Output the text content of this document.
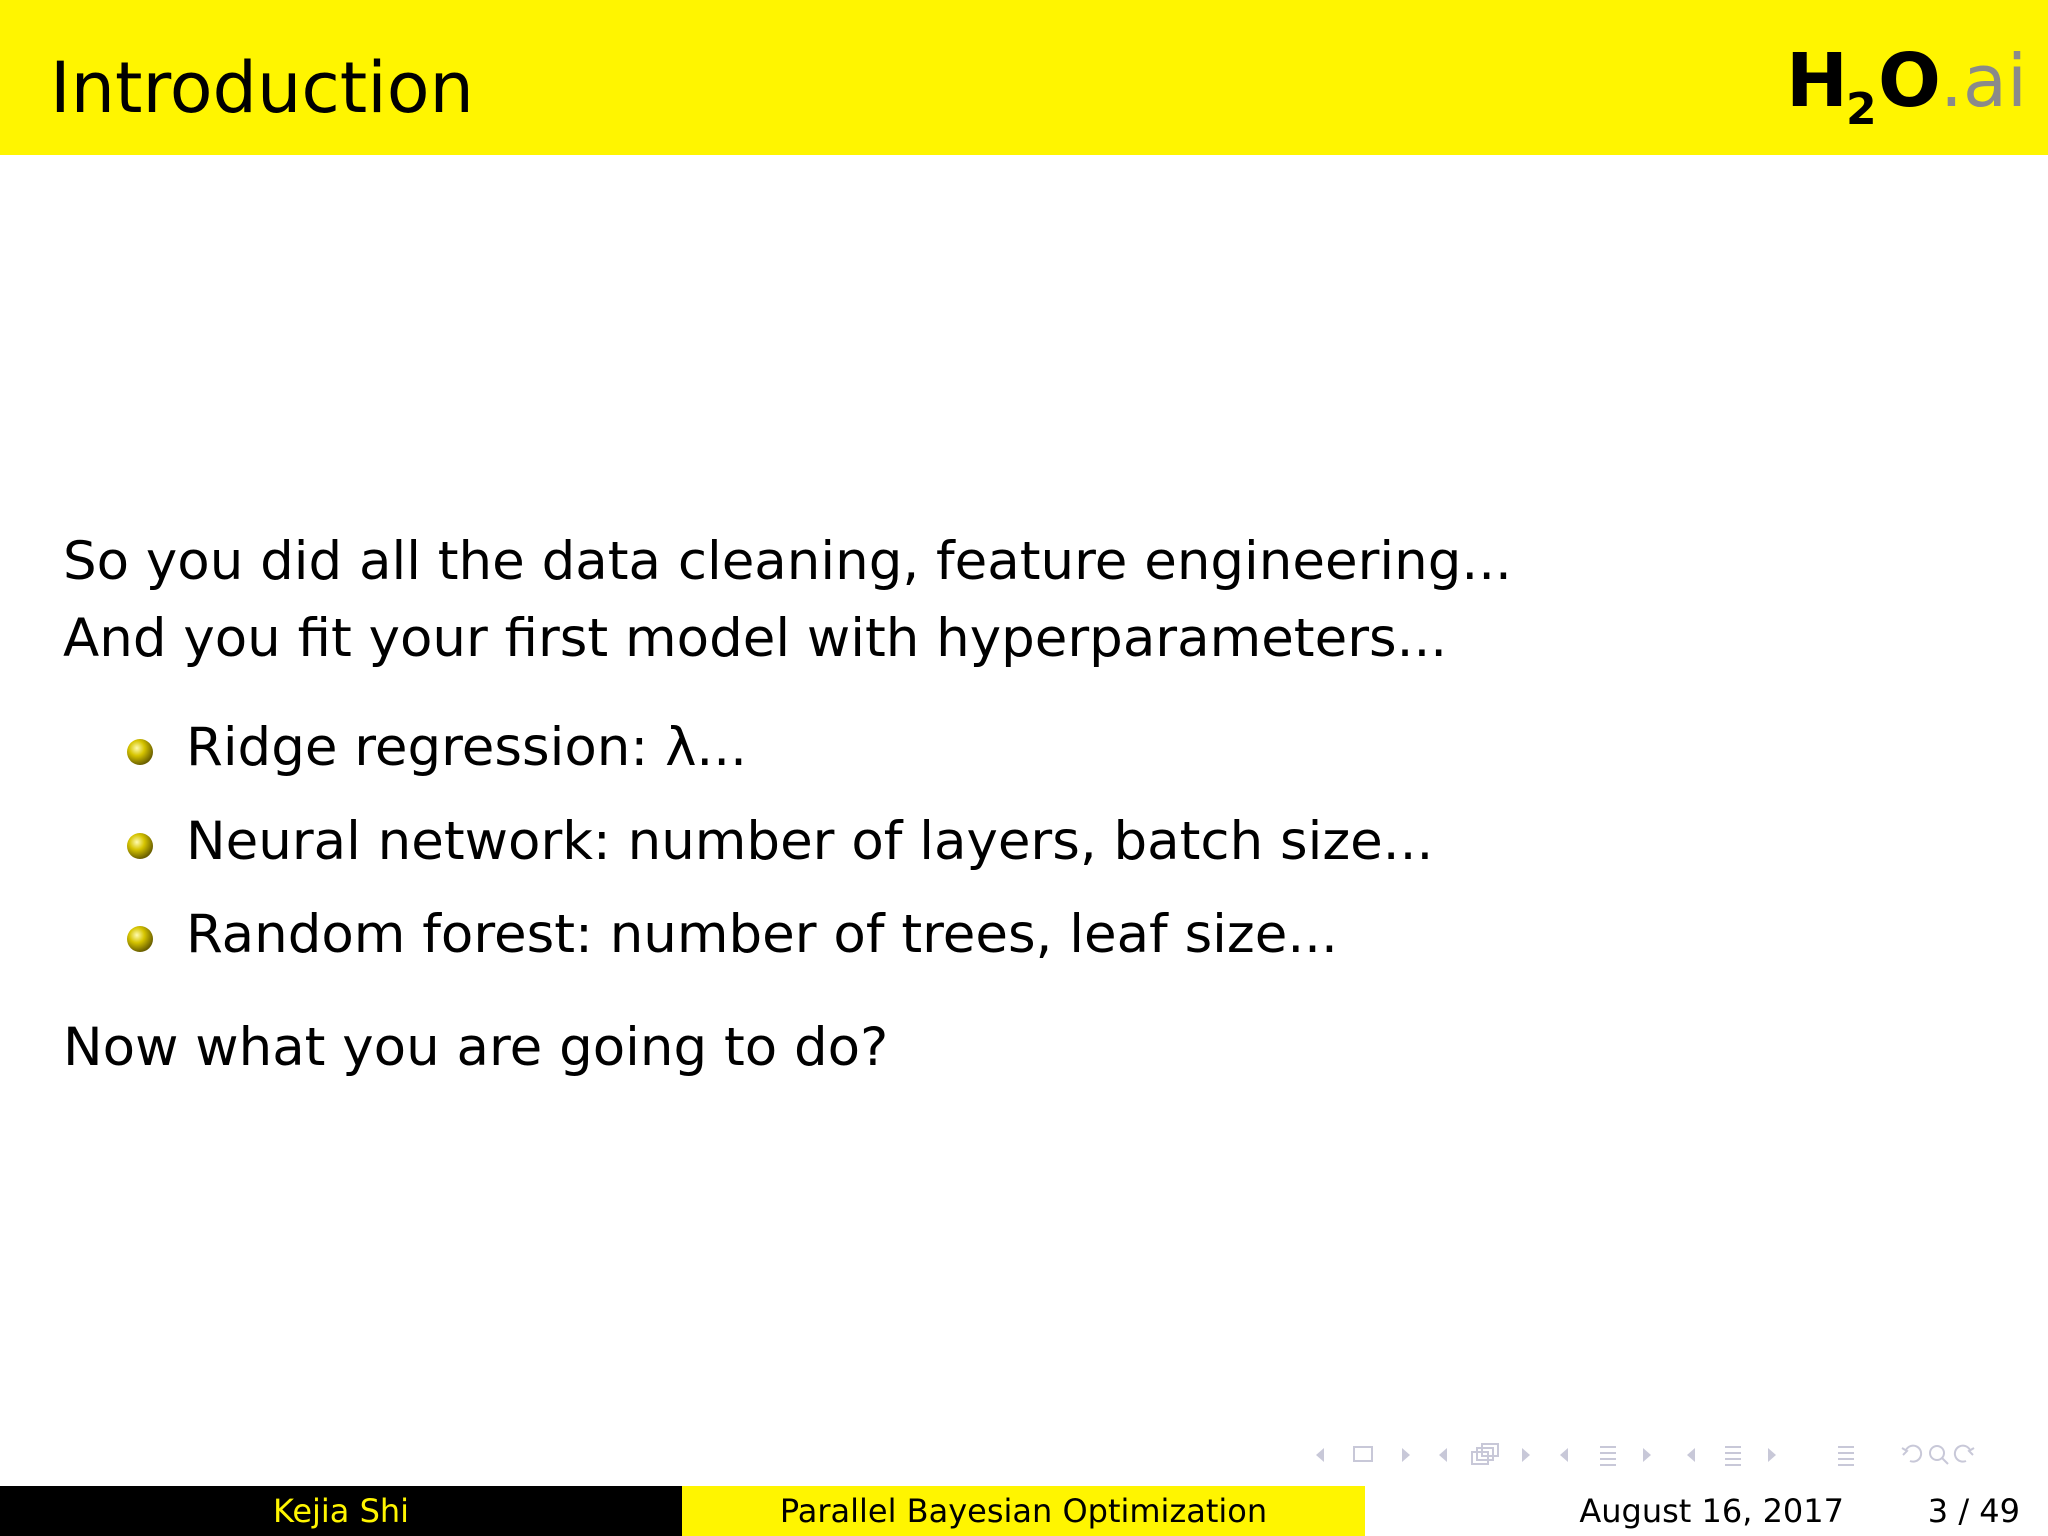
Introduction	H
2 O .ai
So you did all the data cleaning, feature engineering...
And you fit your first model with hyperparameters...
Ridge regression: λ...
Neural network: number of layers, batch size...
Random forest: number of trees, leaf size...
Now what you are going to do?
Kejia Shi	Parallel Bayesian Optimization	August 16, 2017	3 / 49
